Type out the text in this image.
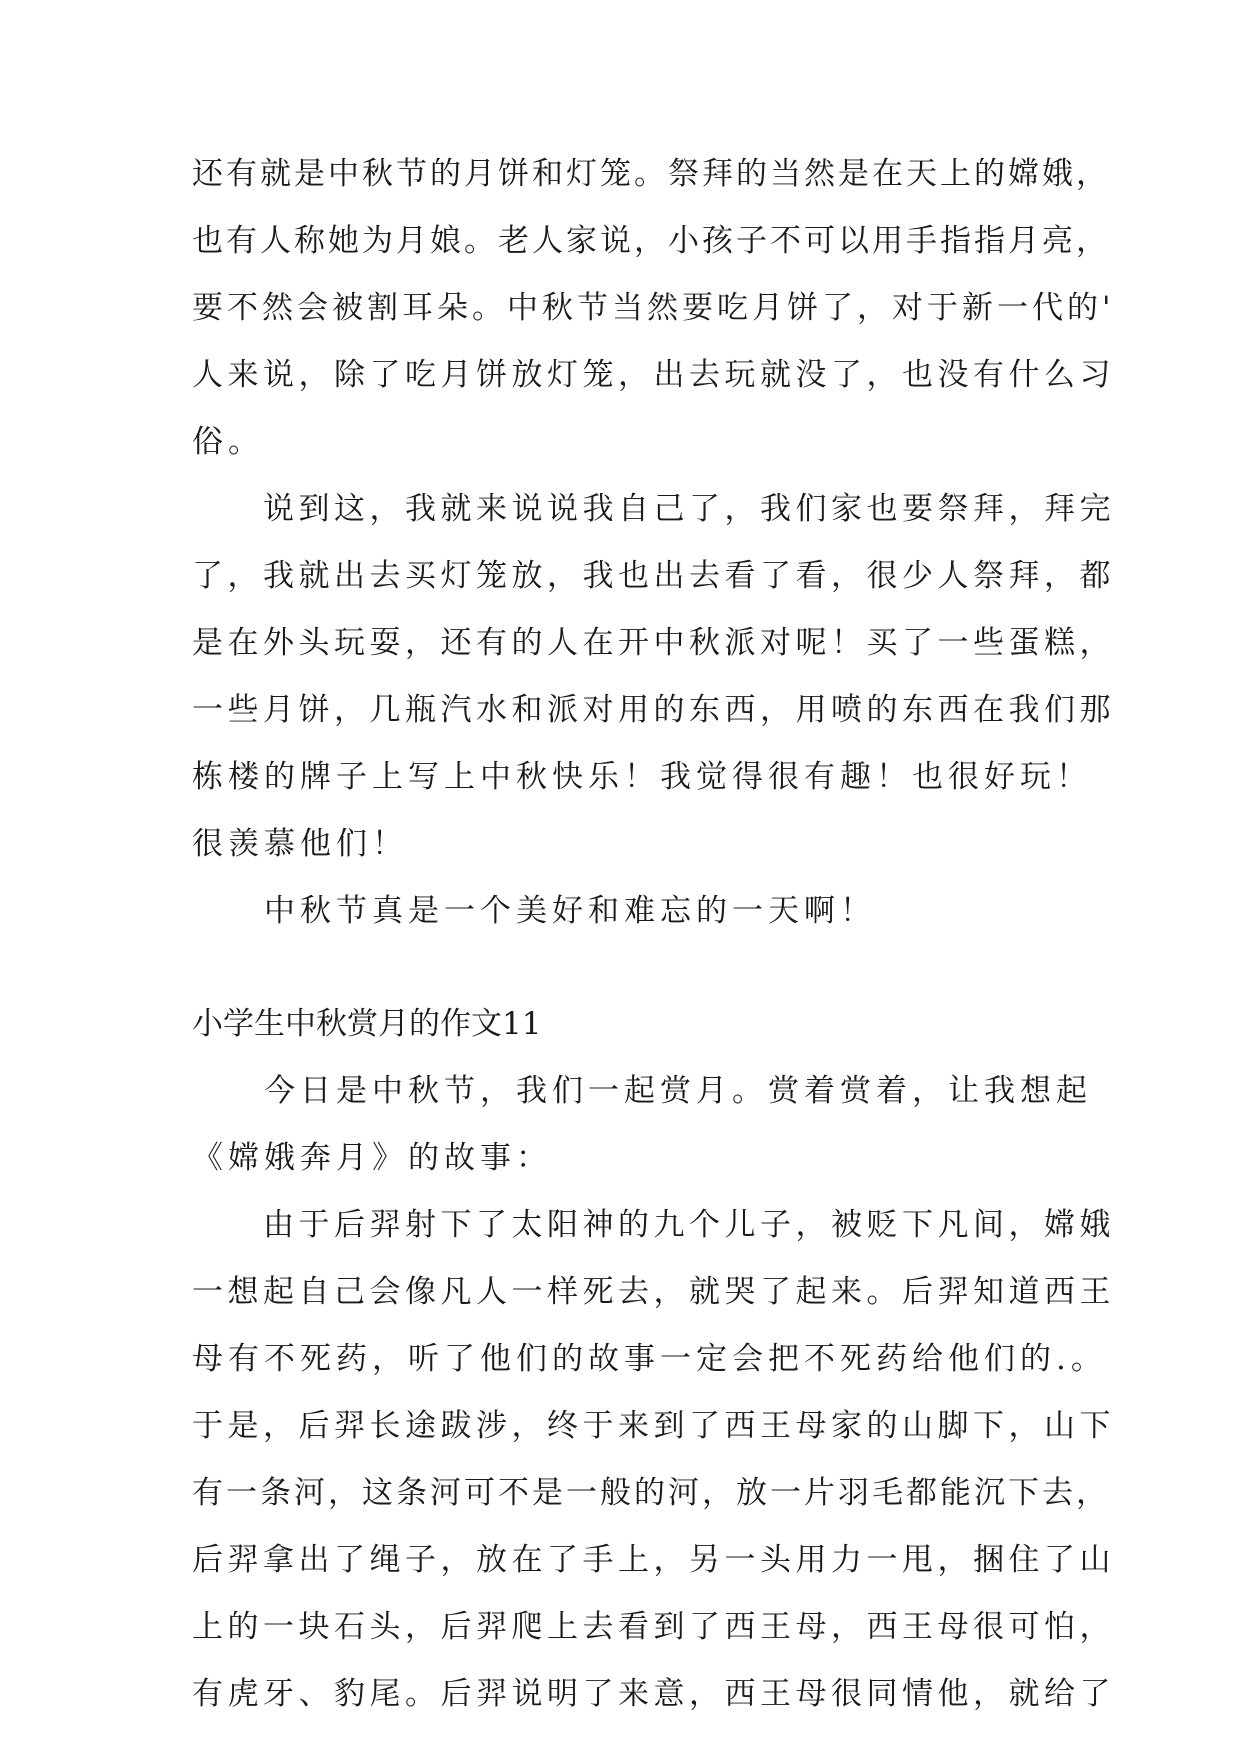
还有就是中秋节的月饼和灯笼。祭拜的当然是在天上的嫦娥，
也有人称她为月娘。老人家说，小孩子不可以用手指指月亮，
要不然会被割耳朵。中秋节当然要吃月饼了，对于新一代的'
人来说，除了吃月饼放灯笼，出去玩就没了，也没有什么习
俗。
　　说到这，我就来说说我自己了，我们家也要祭拜，拜完
了，我就出去买灯笼放，我也出去看了看，很少人祭拜，都
是在外头玩耍，还有的人在开中秋派对呢！买了一些蛋糕，
一些月饼，几瓶汽水和派对用的东西，用喷的东西在我们那
栋楼的牌子上写上中秋快乐！我觉得很有趣！也很好玩！
很羡慕他们！
　　中秋节真是一个美好和难忘的一天啊！
小学生中秋赏月的作文11
　　今日是中秋节，我们一起赏月。赏着赏着，让我想起
《嫦娥奔月》的故事：
　　由于后羿射下了太阳神的九个儿子，被贬下凡间，嫦娥
一想起自己会像凡人一样死去，就哭了起来。后羿知道西王
母有不死药，听了他们的故事一定会把不死药给他们的.。
于是，后羿长途跋涉，终于来到了西王母家的山脚下，山下
有一条河，这条河可不是一般的河，放一片羽毛都能沉下去，
后羿拿出了绳子，放在了手上，另一头用力一甩，捆住了山
上的一块石头，后羿爬上去看到了西王母，西王母很可怕，
有虎牙、豹尾。后羿说明了来意，西王母很同情他，就给了
